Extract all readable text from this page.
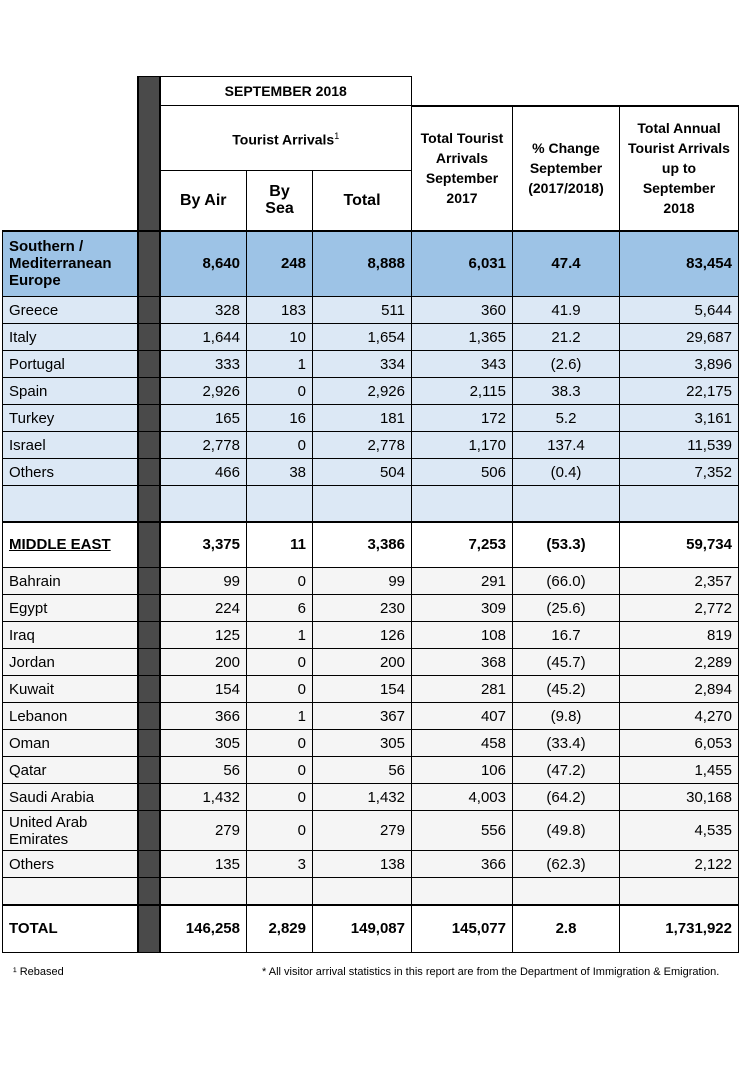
		SEPTEMBER 2018					
		Tourist Arrivals$^1$			Total Tourist Arrivals September 2017	% Change September (2017/2018)	Total Annual Tourist Arrivals up to September 2018
		By Air	By Sea	Total			
Southern / Mediterranean Europe		8,640	248	8,888	6,031	47.4	83,454
Greece		328	183	511	360	41.9	5,644
Italy		1,644	10	1,654	1,365	21.2	29,687
Portugal		333	1	334	343	(2.6)	3,896
Spain		2,926	0	2,926	2,115	38.3	22,175
Turkey		165	16	181	172	5.2	3,161
Israel		2,778	0	2,778	1,170	137.4	11,539
Others		466	38	504	506	(0.4)	7,352

MIDDLE EAST		3,375	11	3,386	7,253	(53.3)	59,734
Bahrain		99	0	99	291	(66.0)	2,357
Egypt		224	6	230	309	(25.6)	2,772
Iraq		125	1	126	108	16.7	819
Jordan		200	0	200	368	(45.7)	2,289
Kuwait		154	0	154	281	(45.2)	2,894
Lebanon		366	1	367	407	(9.8)	4,270
Oman		305	0	305	458	(33.4)	6,053
Qatar		56	0	56	106	(47.2)	1,455
Saudi Arabia		1,432	0	1,432	4,003	(64.2)	30,168
United Arab Emirates		279	0	279	556	(49.8)	4,535
Others		135	3	138	366	(62.3)	2,122

TOTAL		146,258	2,829	149,087	145,077	2.8	1,731,922
¹ Rebased	* All visitor arrival statistics in this report are from the Department of Immigration & Emigration.
